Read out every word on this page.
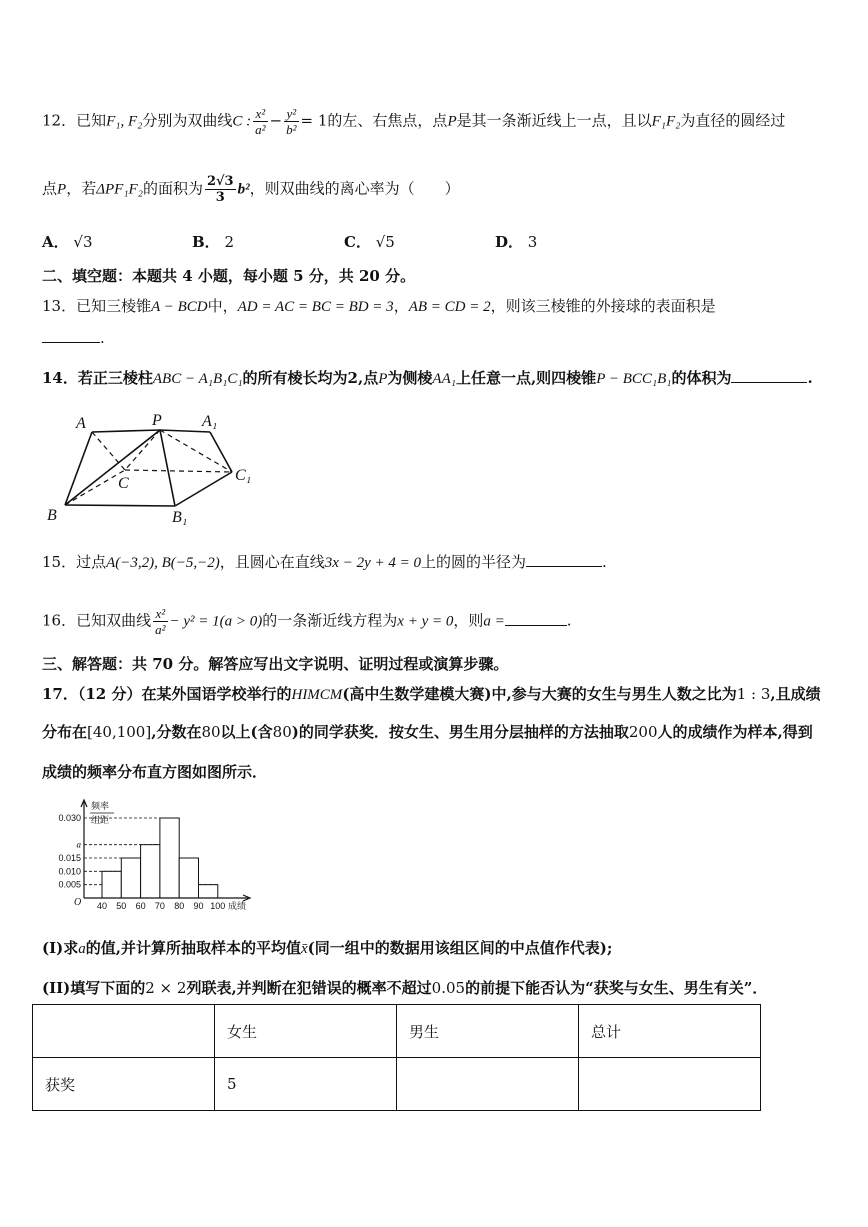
12．已知F₁, F₂分别为双曲线C : $\frac{\text{x²}}{\text{a²}} - \frac{\text{y²}}{\text{b²}} = 1$的左、右焦点，点P是其一条渐近线上一点，且以F₁F₂为直径的圆经过
点P，若ΔPF₁F₂的面积为 $\frac{2√3}{3} b^2$，则双曲线的离心率为（　　）
A． √3	B． 2	C． √5	D． 3
二、填空题：本题共 4 小题，每小题 5 分，共 20 分。
13．已知三棱锥A − BCD中，AD = AC = BC = BD = 3，AB = CD = 2，则该三棱锥的外接球的表面积是
.
14．若正三棱柱ABC − A₁B₁C₁的所有棱长均为2,点P为侧棱AA₁上任意一点,则四棱锥P − BCC₁B₁的体积为	.
A	P	A₁
C	C₁
B	B₁
15．过点A(−3,2), B(−5,−2)，且圆心在直线3x − 2y + 4 = 0上的圆的半径为	.
16．已知双曲线 $\frac{\text{x²}}{\text{a²}} - y^2 = 1(a > 0)$的一条渐近线方程为x + y = 0，则a =	.
三、解答题：共 70 分。解答应写出文字说明、证明过程或演算步骤。
17．（12 分）在某外国语学校举行的HIMCM(高中生数学建模大赛)中,参与大赛的女生与男生人数之比为1 : 3,且成绩
分布在[40,100],分数在80以上(含80)的同学获奖．按女生、男生用分层抽样的方法抽取200人的成绩作为样本,得到
成绩的频率分布直方图如图所示．
0.005
0.010
0.015
a
0.030
40 50 60 70 80 90 100
频率
组距
成绩
O
(I)求a的值,并计算所抽取样本的平均值x̄(同一组中的数据用该组区间的中点值作代表);
(II)填写下面的2 × 2列联表,并判断在犯错误的概率不超过0.05的前提下能否认为“获奖与女生、男生有关”．
	女生	男生	总计
获奖	5		
